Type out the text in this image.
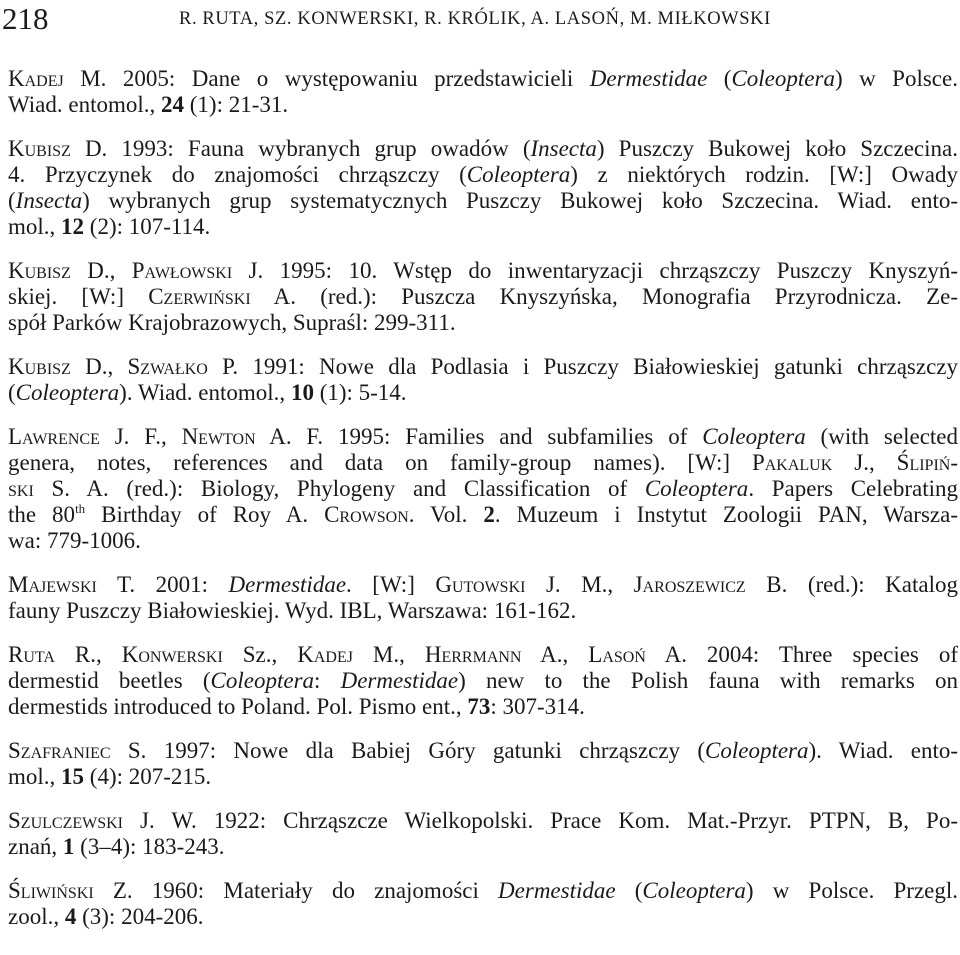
218	R. RUTA, SZ. KONWERSKI, R. KRÓLIK, A. LASOŃ, M. MIŁKOWSKI
Kadej M. 2005: Dane o występowaniu przedstawicieli Dermestidae (Coleoptera) w Polsce.
Wiad. entomol., 24 (1): 21-31.
Kubisz D. 1993: Fauna wybranych grup owadów (Insecta) Puszczy Bukowej koło Szczecina.
4. Przyczynek do znajomości chrząszczy (Coleoptera) z niektórych rodzin. [W:] Owady
(Insecta) wybranych grup systematycznych Puszczy Bukowej koło Szczecina. Wiad. ento-
mol., 12 (2): 107-114.
Kubisz D., Pawłowski J. 1995: 10. Wstęp do inwentaryzacji chrząszczy Puszczy Knyszyń-
skiej. [W:] Czerwiński A. (red.): Puszcza Knyszyńska, Monografia Przyrodnicza. Ze-
spół Parków Krajobrazowych, Supraśl: 299-311.
Kubisz D., Szwałko P. 1991: Nowe dla Podlasia i Puszczy Białowieskiej gatunki chrząszczy
(Coleoptera). Wiad. entomol., 10 (1): 5-14.
Lawrence J. F., Newton A. F. 1995: Families and subfamilies of Coleoptera (with selected
genera, notes, references and data on family-group names). [W:] Pakaluk J., Ślipiń-
ski S. A. (red.): Biology, Phylogeny and Classification of Coleoptera. Papers Celebrating
the 80th Birthday of Roy A. Crowson. Vol. 2. Muzeum i Instytut Zoologii PAN, Warsza-
wa: 779-1006.
Majewski T. 2001: Dermestidae. [W:] Gutowski J. M., Jaroszewicz B. (red.): Katalog
fauny Puszczy Białowieskiej. Wyd. IBL, Warszawa: 161-162.
Ruta R., Konwerski Sz., Kadej M., Herrmann A., Lasoń A. 2004: Three species of
dermestid beetles (Coleoptera: Dermestidae) new to the Polish fauna with remarks on
dermestids introduced to Poland. Pol. Pismo ent., 73: 307-314.
Szafraniec S. 1997: Nowe dla Babiej Góry gatunki chrząszczy (Coleoptera). Wiad. ento-
mol., 15 (4): 207-215.
Szulczewski J. W. 1922: Chrząszcze Wielkopolski. Prace Kom. Mat.-Przyr. PTPN, B, Po-
znań, 1 (3–4): 183-243.
Śliwiński Z. 1960: Materiały do znajomości Dermestidae (Coleoptera) w Polsce. Przegl.
zool., 4 (3): 204-206.
